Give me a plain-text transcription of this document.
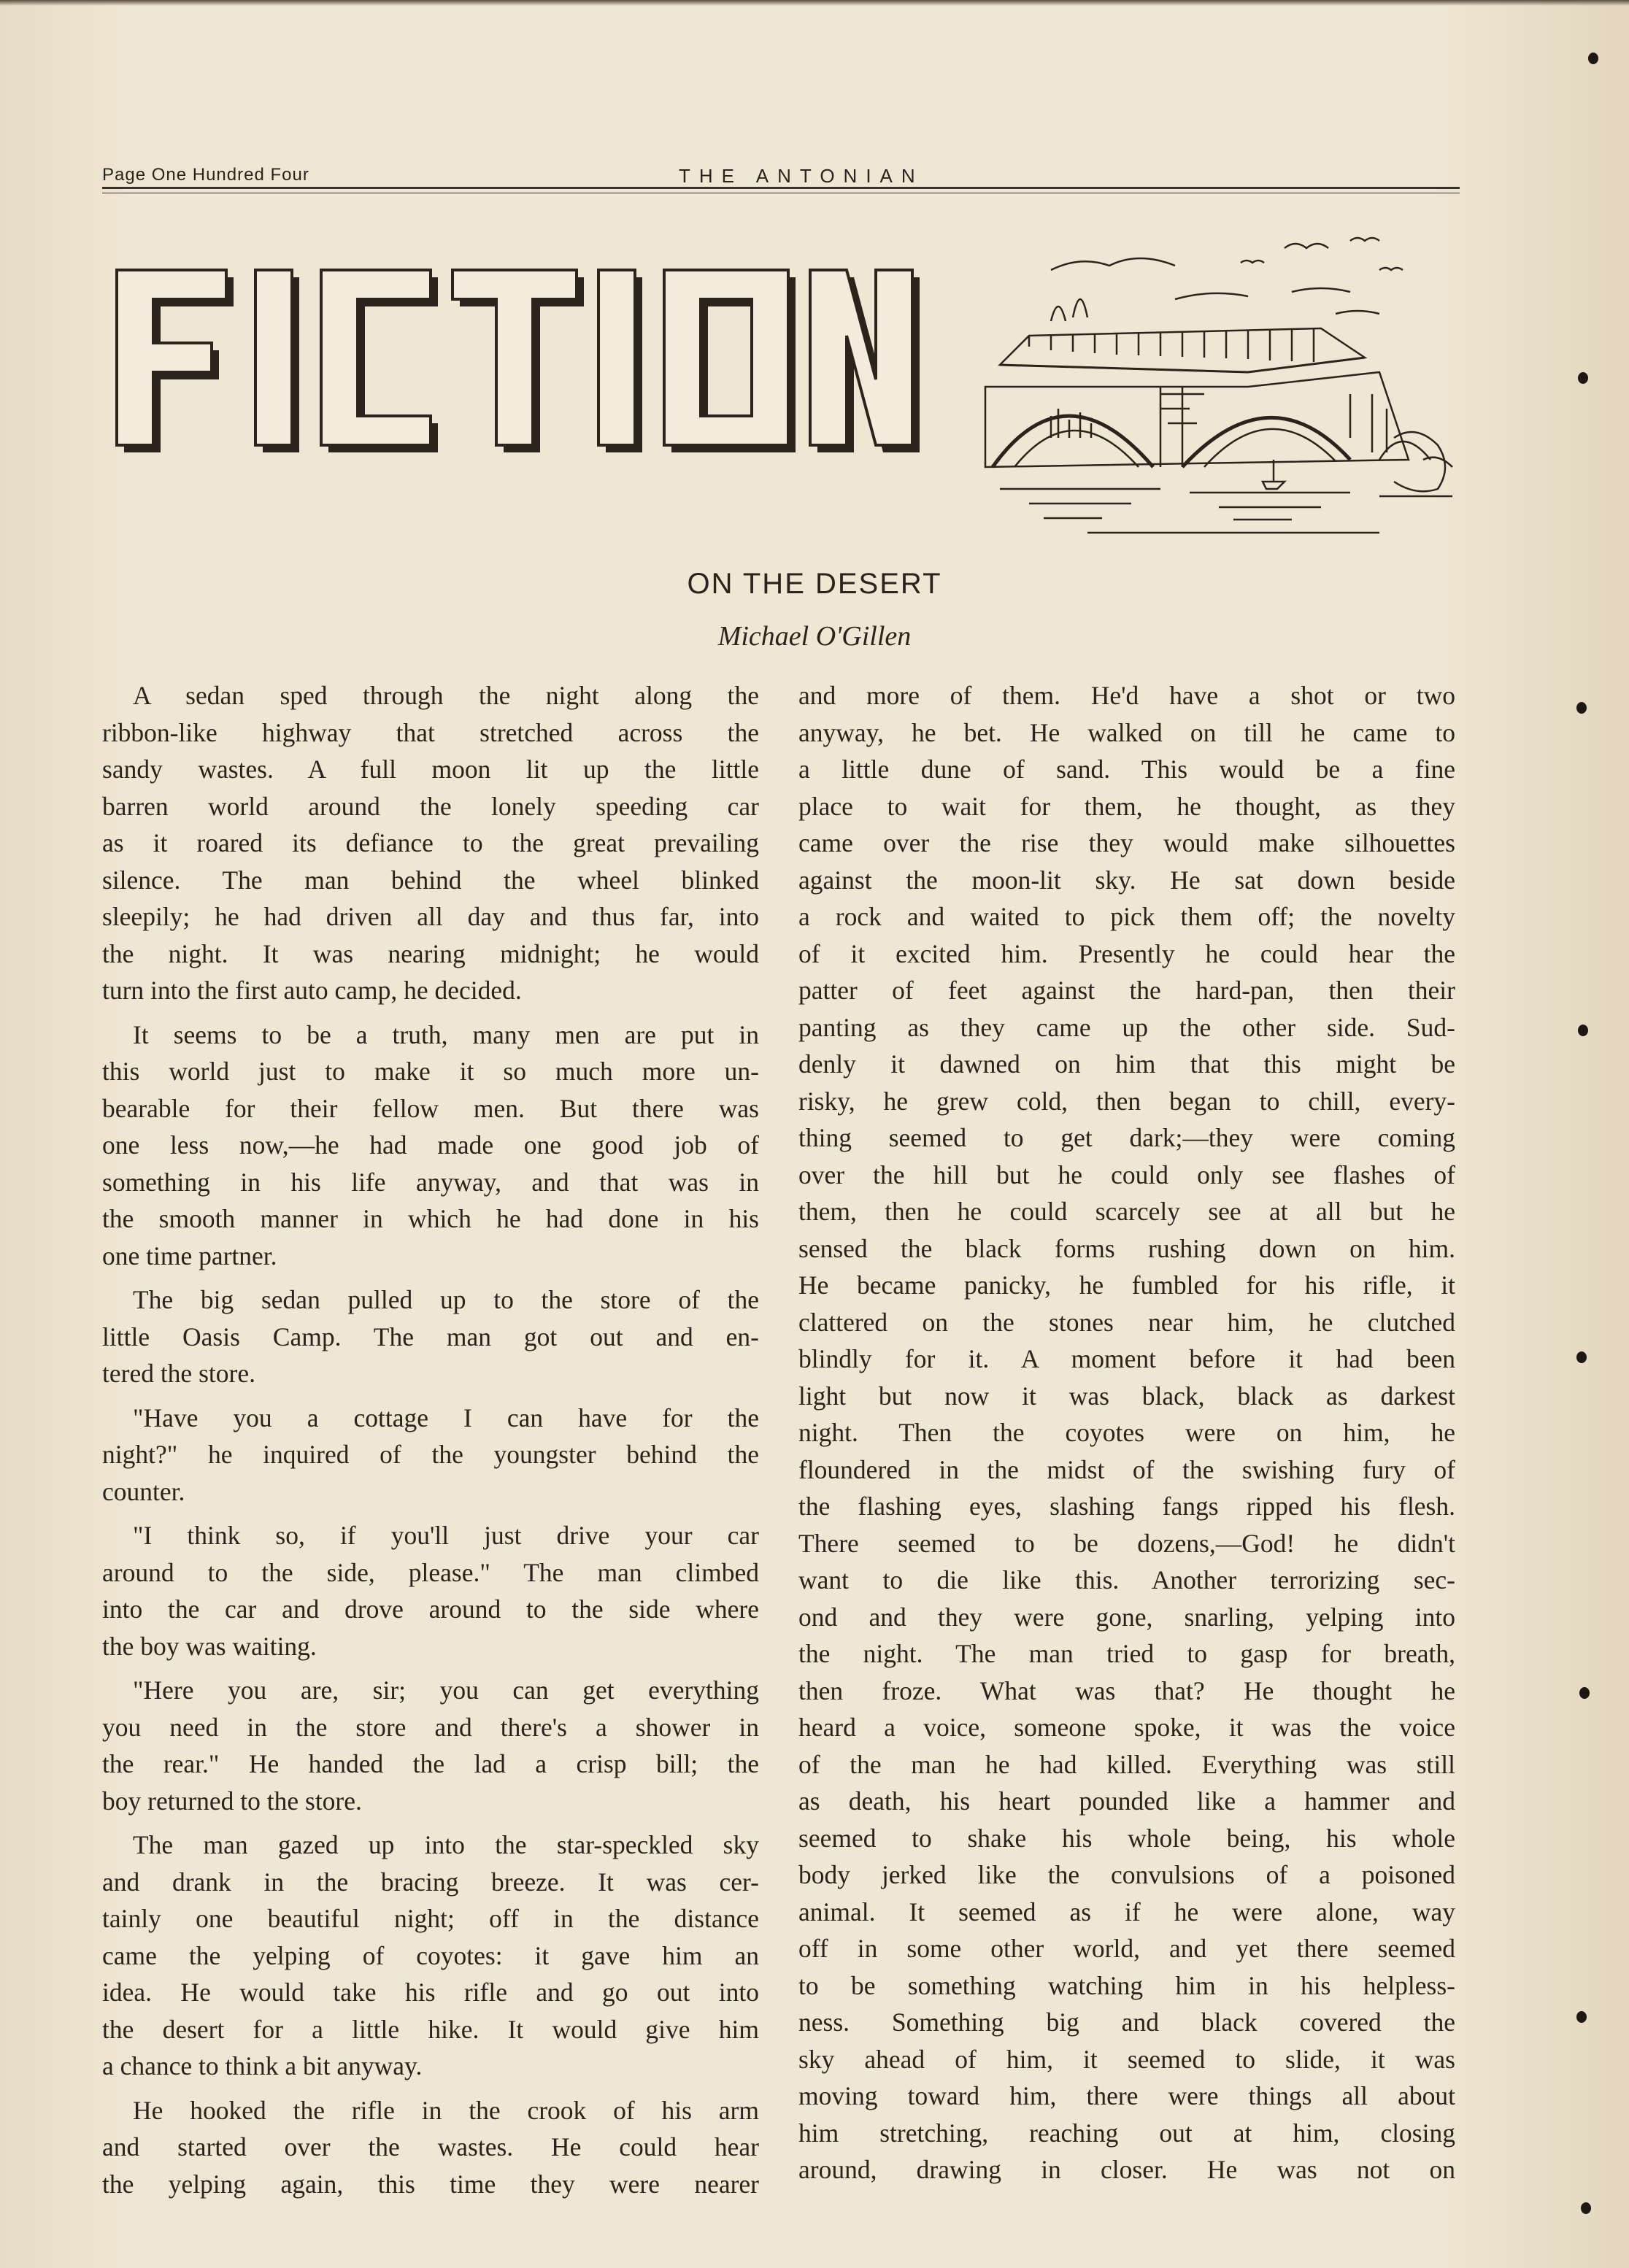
Page One Hundred Four	THE ANTONIAN
ON THE DESERT
Michael O'Gillen
A sedan sped through the night along the
ribbon-like highway that stretched across the
sandy wastes. A full moon lit up the little
barren world around the lonely speeding car
as it roared its defiance to the great prevailing
silence. The man behind the wheel blinked
sleepily; he had driven all day and thus far, into
the night. It was nearing midnight; he would
turn into the first auto camp, he decided.
It seems to be a truth, many men are put in
this world just to make it so much more un-
bearable for their fellow men. But there was
one less now,—he had made one good job of
something in his life anyway, and that was in
the smooth manner in which he had done in his
one time partner.
The big sedan pulled up to the store of the
little Oasis Camp. The man got out and en-
tered the store.
"Have you a cottage I can have for the
night?" he inquired of the youngster behind the
counter.
"I think so, if you'll just drive your car
around to the side, please." The man climbed
into the car and drove around to the side where
the boy was waiting.
"Here you are, sir; you can get everything
you need in the store and there's a shower in
the rear." He handed the lad a crisp bill; the
boy returned to the store.
The man gazed up into the star-speckled sky
and drank in the bracing breeze. It was cer-
tainly one beautiful night; off in the distance
came the yelping of coyotes: it gave him an
idea. He would take his rifle and go out into
the desert for a little hike. It would give him
a chance to think a bit anyway.
He hooked the rifle in the crook of his arm
and started over the wastes. He could hear
the yelping again, this time they were nearer
and more of them. He'd have a shot or two
anyway, he bet. He walked on till he came to
a little dune of sand. This would be a fine
place to wait for them, he thought, as they
came over the rise they would make silhouettes
against the moon-lit sky. He sat down beside
a rock and waited to pick them off; the novelty
of it excited him. Presently he could hear the
patter of feet against the hard-pan, then their
panting as they came up the other side. Sud-
denly it dawned on him that this might be
risky, he grew cold, then began to chill, every-
thing seemed to get dark;—they were coming
over the hill but he could only see flashes of
them, then he could scarcely see at all but he
sensed the black forms rushing down on him.
He became panicky, he fumbled for his rifle, it
clattered on the stones near him, he clutched
blindly for it. A moment before it had been
light but now it was black, black as darkest
night. Then the coyotes were on him, he
floundered in the midst of the swishing fury of
the flashing eyes, slashing fangs ripped his flesh.
There seemed to be dozens,—God! he didn't
want to die like this. Another terrorizing sec-
ond and they were gone, snarling, yelping into
the night. The man tried to gasp for breath,
then froze. What was that? He thought he
heard a voice, someone spoke, it was the voice
of the man he had killed. Everything was still
as death, his heart pounded like a hammer and
seemed to shake his whole being, his whole
body jerked like the convulsions of a poisoned
animal. It seemed as if he were alone, way
off in some other world, and yet there seemed
to be something watching him in his helpless-
ness. Something big and black covered the
sky ahead of him, it seemed to slide, it was
moving toward him, there were things all about
him stretching, reaching out at him, closing
around, drawing in closer. He was not on
